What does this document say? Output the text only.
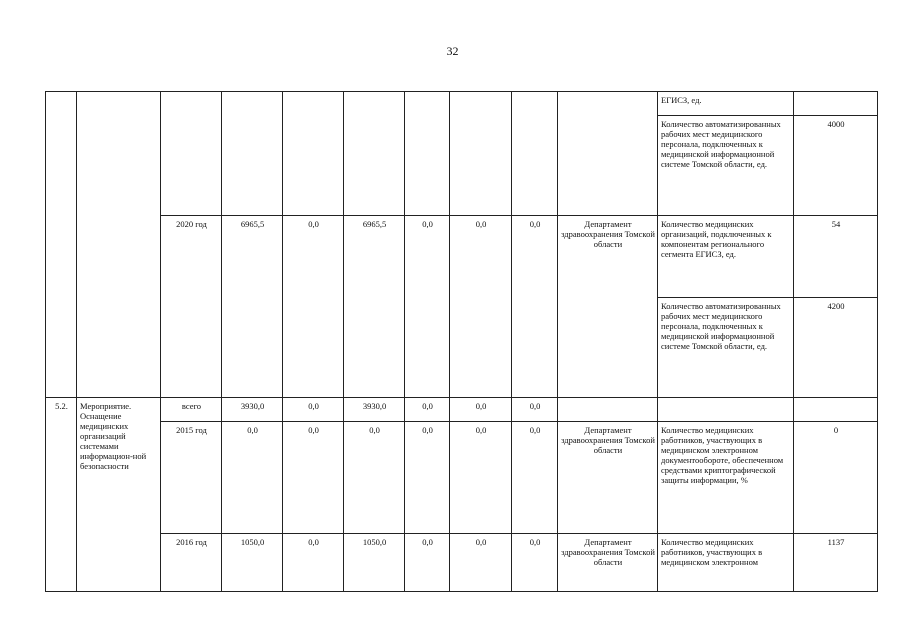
32
										ЕГИСЗ, ед.	
										Количество автоматизированных рабочих мест медицинского персонала, подключенных к медицинской информационной системе Томской области, ед.	4000
		2020 год	6965,5	0,0	6965,5	0,0	0,0	0,0	Департамент здравоохранения Томской области	Количество медицинских организаций, подключенных к компонентам регионального сегмента ЕГИСЗ, ед.	54
										Количество автоматизированных рабочих мест медицинского персонала, подключенных к медицинской информационной системе Томской области, ед.	4200
5.2.	Мероприятие. Оснащение медицинских организаций системами информацион-ной безопасности	всего	3930,0	0,0	3930,0	0,0	0,0	0,0			
		2015 год	0,0	0,0	0,0	0,0	0,0	0,0	Департамент здравоохранения Томской области	Количество медицинских работников, участвующих в медицинском электронном документообороте, обеспеченном средствами криптографической защиты информации, %	0
		2016 год	1050,0	0,0	1050,0	0,0	0,0	0,0	Департамент здравоохранения Томской области	Количество медицинских работников, участвующих в медицинском электронном	1137
